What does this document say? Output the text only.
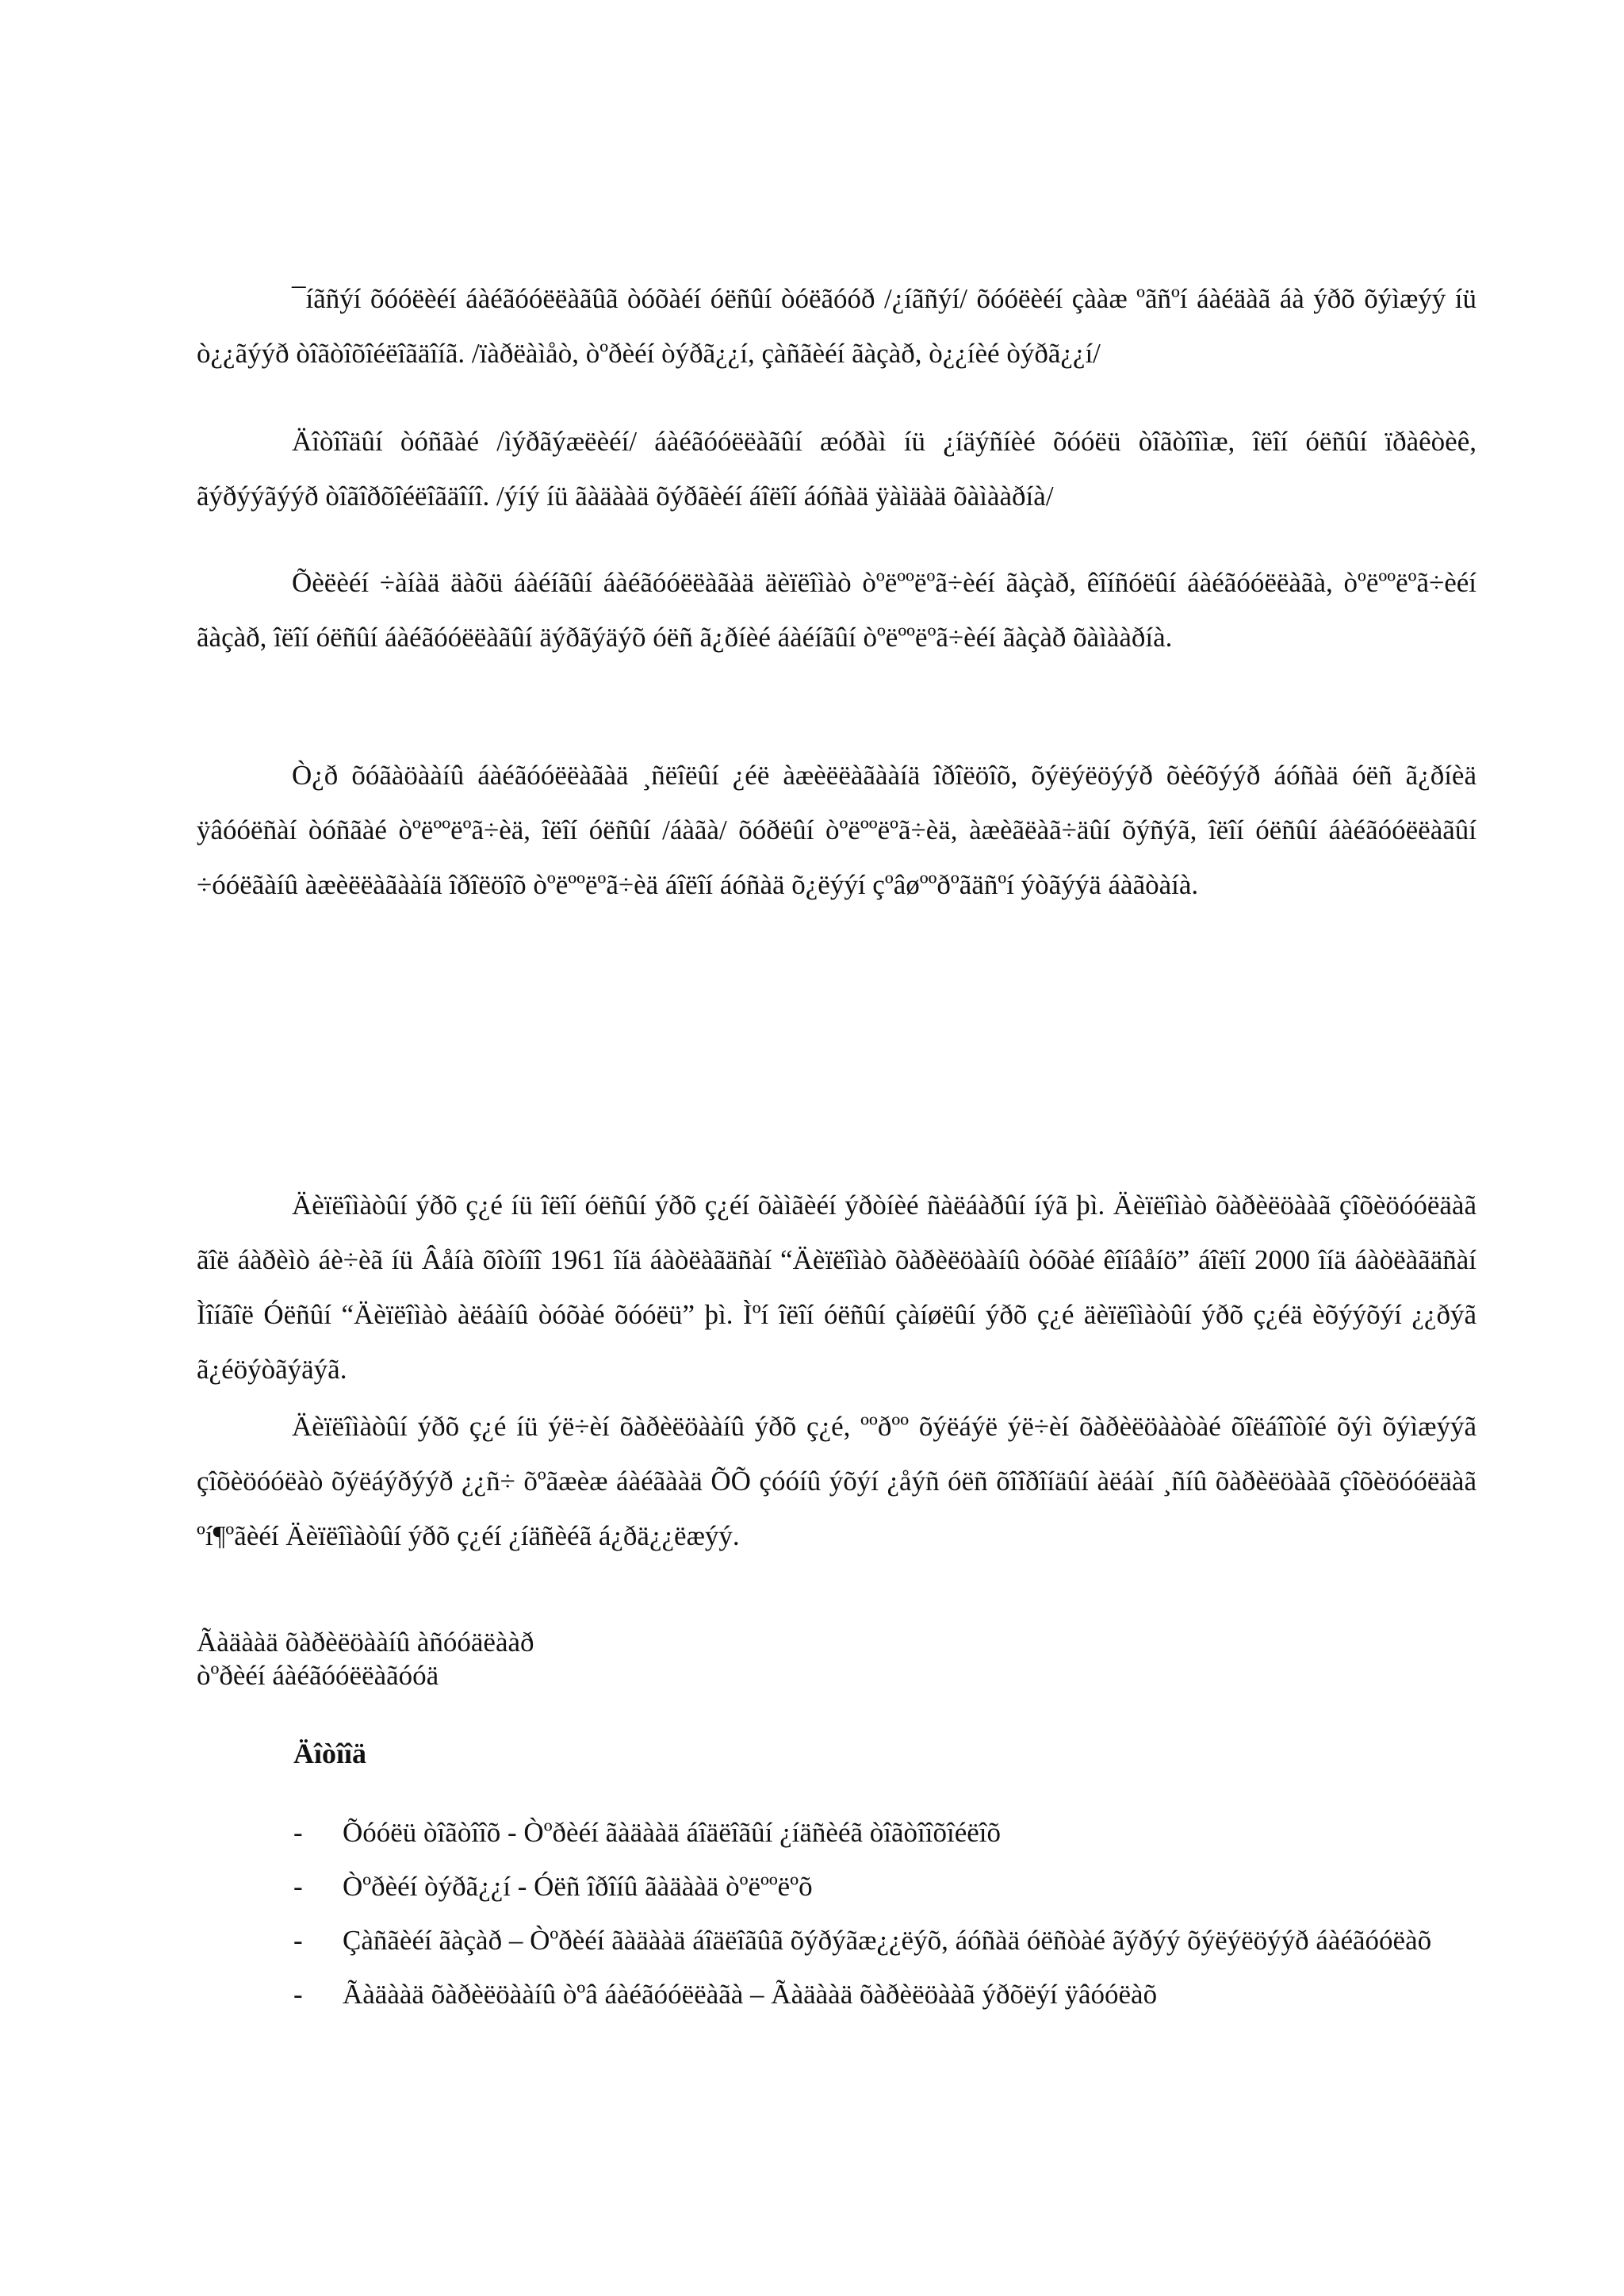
¯íãñýí õóóëèéí áàéãóóëëàãûã òóõàéí óëñûí òóëãóóð /¿íãñýí/ õóóëèéí çààæ ºãñºí áàéäàã áà ýðõ õýìæýý íü ò¿¿ãýýð òîãòîõîéëîãäîíã. /ïàðëàìåò, òºðèéí òýðã¿¿í, çàñãèéí ãàçàð, ò¿¿íèé òýðã¿¿í/

Äîòîîäûí òóñãàé /ìýðãýæëèéí/ áàéãóóëëàãûí æóðàì íü ¿íäýñíèé õóóëü òîãòîîìæ, îëîí óëñûí ïðàêòèê, ãýðýýãýýð òîãîðõîéëîãäîíî. /ýíý íü ãàäààä õýðãèéí áîëîí áóñàä ÿàìäàä õàìààðíà/

Õèëèéí ÷àíàä äàõü áàéíãûí áàéãóóëëàãàä äèïëîìàò òºëººëºã÷èéí ãàçàð, êîíñóëûí áàéãóóëëàãà, òºëººëºã÷èéí ãàçàð, îëîí óëñûí áàéãóóëëàãûí äýðãýäýõ óëñ ã¿ðíèé áàéíãûí òºëººëºã÷èéí ãàçàð õàìààðíà.

Ò¿ð õóãàöààíû áàéãóóëëàãàä ¸ñëîëûí ¿éë àæèëëàãààíä îðîëöîõ, õýëýëöýýð õèéõýýð áóñàä óëñ ã¿ðíèä ÿâóóëñàí òóñãàé òºëººëºã÷èä, îëîí óëñûí /áàãà/ õóðëûí òºëººëºã÷èä, àæèãëàã÷äûí õýñýã, îëîí óëñûí áàéãóóëëàãûí ÷óóëãàíû àæèëëàãààíä îðîëöîõ òºëººëºã÷èä áîëîí áóñàä õ¿ëýýí çºâøººðºãäñºí ýòãýýä áàãòàíà.

Äèïëîìàòûí ýðõ ç¿é íü îëîí óëñûí ýðõ ç¿éí õàìãèéí ýðòíèé ñàëáàðûí íýã þì. Äèïëîìàò õàðèëöààã çîõèöóóëäàã ãîë áàðèìò áè÷èã íü Âåíà õîòíîî 1961 îíä áàòëàãäñàí “Äèïëîìàò õàðèëöààíû òóõàé êîíâåíö” áîëîí 2000 îíä áàòëàãäñàí Ìîíãîë Óëñûí “Äèïëîìàò àëáàíû òóõàé õóóëü” þì. Ìºí îëîí óëñûí çàíøëûí ýðõ ç¿é äèïëîìàòûí ýðõ ç¿éä èõýýõýí ¿¿ðýã ã¿éöýòãýäýã.

Äèïëîìàòûí ýðõ ç¿é íü ýë÷èí õàðèëöààíû ýðõ ç¿é, ººðºº õýëáýë ýë÷èí õàðèëöààòàé õîëáîîòîé õýì õýìæýýã çîõèöóóëàò õýëáýðýýð ¿¿ñ÷ õºãæèæ áàéãààä ÕÕ çóóíû ýõýí ¿åýñ óëñ õîîðîíäûí àëáàí ¸ñíû õàðèëöààã çîõèöóóëäàã ºí¶ºãèéí Äèïëîìàòûí ýðõ ç¿éí ¿íäñèéã á¿ðä¿¿ëæýý.

Ãàäààä õàðèëöààíû àñóóäëààð
òºðèéí áàéãóóëëàãóóä

Äîòîîä

- Õóóëü òîãòîîõ - Òºðèéí ãàäààä áîäëîãûí ¿íäñèéã òîãòîîõîéëîõ
- Òºðèéí òýðã¿¿í - Óëñ îðîíû ãàäààä òºëººëºõ
- Çàñãèéí ãàçàð – Òºðèéí ãàäààä áîäëîãûã õýðýãæ¿¿ëýõ, áóñàä óëñòàé ãýðýý õýëýëöýýð áàéãóóëàõ
- Ãàäààä õàðèëöààíû òºâ áàéãóóëëàãà – Ãàäààä õàðèëöààã ýðõëýí ÿâóóëàõ
